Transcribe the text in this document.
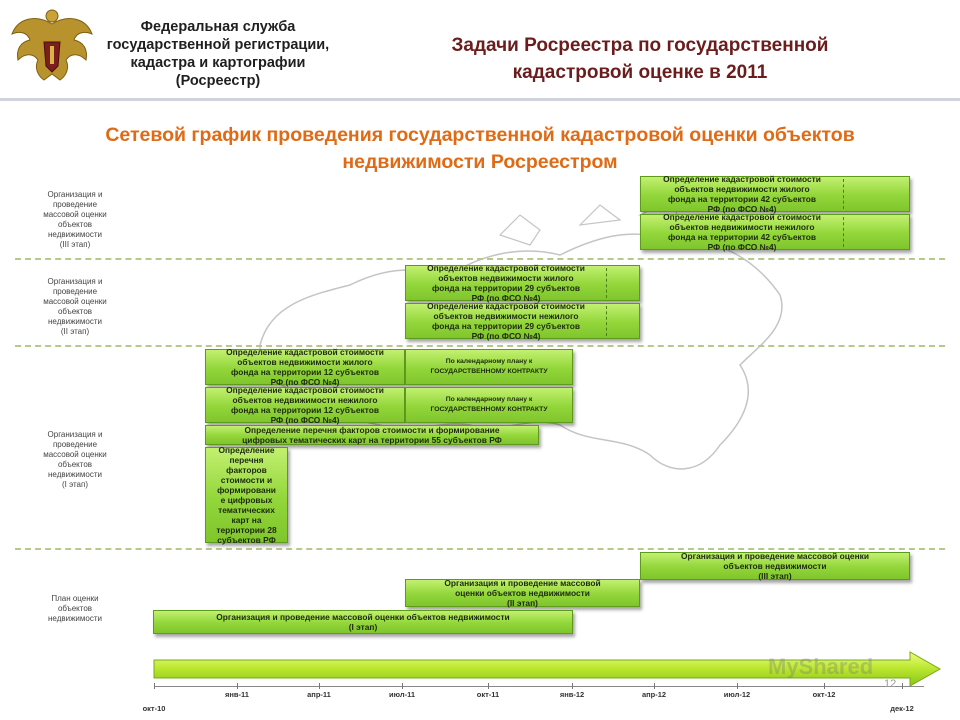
Федеральная служба
государственной регистрации,
кадастра и картографии
(Росреестр)
Задачи Росреестра по государственной
кадастровой оценке в 2011
Сетевой график проведения государственной кадастровой оценки объектов
недвижимости Росреестром
Организация и
проведение
массовой оценки
объектов
недвижимости
(III этап)
Организация и
проведение
массовой оценки
объектов
недвижимости
(II этап)
Организация и
проведение
массовой оценки
объектов
недвижимости
(I этап)
План оценки
объектов
недвижимости
Определение кадастровой стоимости
объектов недвижимости жилого
фонда на территории 42 субъектов
РФ (по ФСО №4)
Определение кадастровой стоимости
объектов недвижимости нежилого
фонда на территории 42 субъектов
РФ (по ФСО №4)
Определение кадастровой стоимости
объектов недвижимости жилого
фонда на территории 29 субъектов
РФ (по ФСО №4)
Определение кадастровой стоимости
объектов недвижимости нежилого
фонда на территории 29 субъектов
РФ (по ФСО №4)
Определение кадастровой стоимости
объектов недвижимости жилого
фонда на территории 12 субъектов
РФ (по ФСО №4)
По календарному плану к
ГОСУДАРСТВЕННОМУ КОНТРАКТУ
Определение кадастровой стоимости
объектов недвижимости нежилого
фонда на территории 12 субъектов
РФ (по ФСО №4)
По календарному плану к
ГОСУДАРСТВЕННОМУ КОНТРАКТУ
Определение перечня факторов стоимости и формирование
цифровых тематических карт на территории 55 субъектов РФ
Определение
перечня
факторов
стоимости и
формировани
е цифровых
тематических
карт на
территории 28
субъектов РФ
Организация и проведение массовой оценки
объектов недвижимости
(III этап)
Организация и проведение массовой
оценки объектов недвижимости
(II этап)
Организация и проведение массовой оценки объектов недвижимости
(I этап)
янв-11	апр-11	июл-11	окт-11	янв-12	апр-12	июл-12	окт-12
окт-10	дек-12
MyShared
12
